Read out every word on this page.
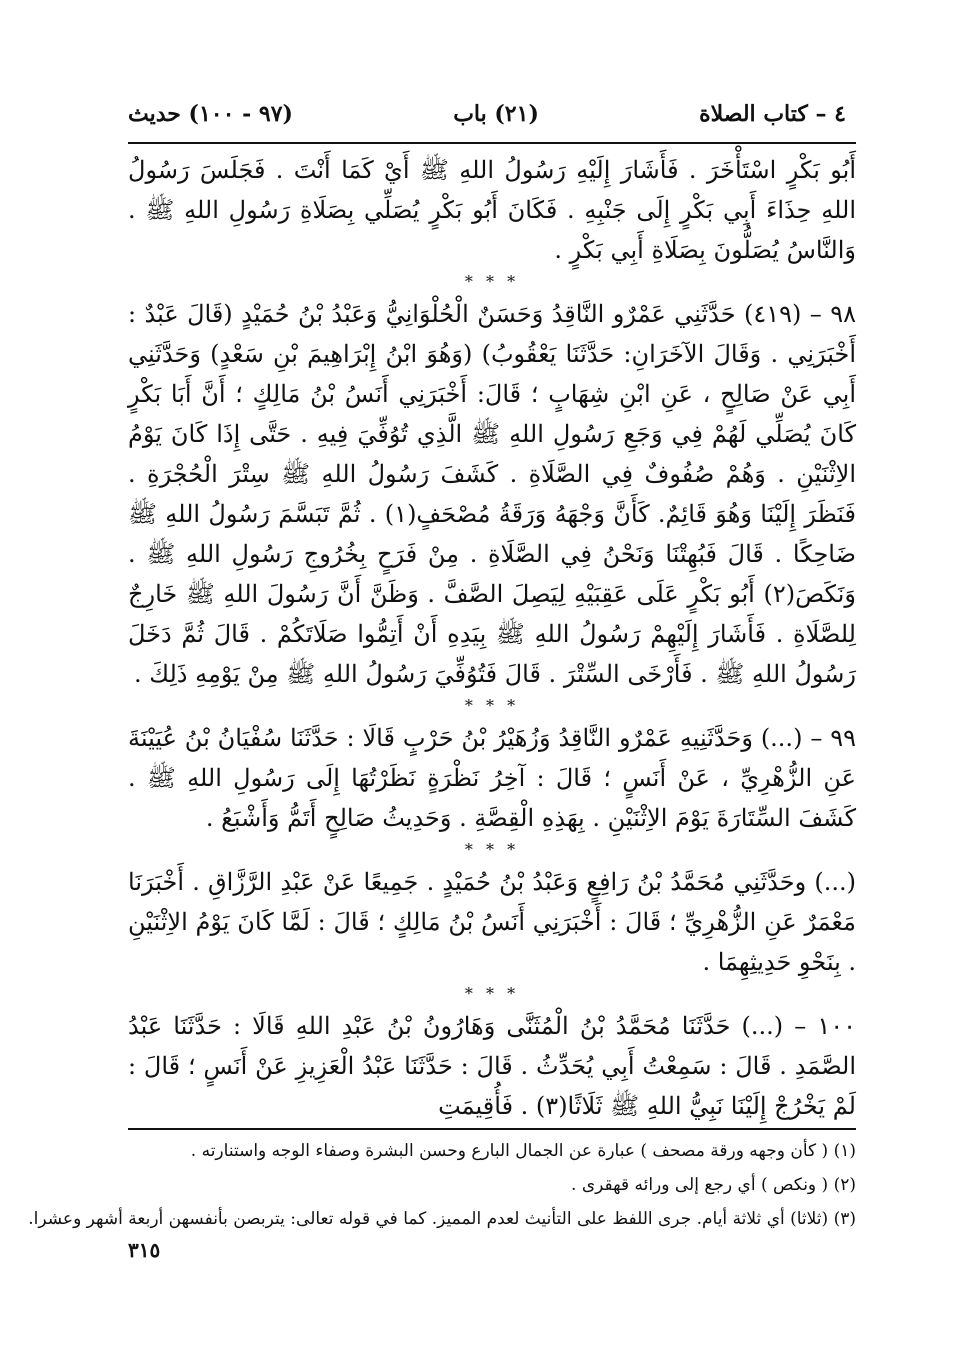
٤ – كتاب الصلاة
(٢١) باب
(٩٧ - ١٠٠) حديث

أَبُو بَكْرٍ اسْتَأْخَرَ . فَأَشَارَ إِلَيْهِ رَسُولُ اللهِ ﷺ أَيْ كَمَا أَنْتَ . فَجَلَسَ رَسُولُ اللهِ حِذَاءَ أَبِي بَكْرٍ إِلَى جَنْبِهِ . فَكَانَ أَبُو بَكْرٍ يُصَلِّي بِصَلَاةِ رَسُولِ اللهِ ﷺ . وَالنَّاسُ يُصَلُّونَ بِصَلَاةِ أَبِي بَكْرٍ .

* * *

٩٨ – (٤١٩) حَدَّثَنِي عَمْرٌو النَّاقِدُ وَحَسَنٌ الْحُلْوَانِيُّ وَعَبْدُ بْنُ حُمَيْدٍ (قَالَ عَبْدٌ : أَخْبَرَنِي . وَقَالَ الآخَرَانِ: حَدَّثَنَا يَعْقُوبُ) (وَهُوَ ابْنُ إِبْرَاهِيمَ بْنِ سَعْدٍ) وَحَدَّثَنِي أَبِي عَنْ صَالِحٍ ، عَنِ ابْنِ شِهَابٍ ؛ قَالَ: أَخْبَرَنِي أَنَسُ بْنُ مَالِكٍ ؛ أَنَّ أَبَا بَكْرٍ كَانَ يُصَلِّي لَهُمْ فِي وَجَعِ رَسُولِ اللهِ ﷺ الَّذِي تُوُفِّيَ فِيهِ . حَتَّى إِذَا كَانَ يَوْمُ الاِثْنَيْنِ . وَهُمْ صُفُوفٌ فِي الصَّلَاةِ . كَشَفَ رَسُولُ اللهِ ﷺ سِتْرَ الْحُجْرَةِ . فَنَظَرَ إِلَيْنَا وَهُوَ قَائِمٌ. كَأَنَّ وَجْهَهُ وَرَقَةُ مُصْحَفٍ(١) . ثُمَّ تَبَسَّمَ رَسُولُ اللهِ ﷺ ضَاحِكًا . قَالَ فَبُهِتْنَا وَنَحْنُ فِي الصَّلَاةِ . مِنْ فَرَحٍ بِخُرُوجِ رَسُولِ اللهِ ﷺ . وَنَكَصَ(٢) أَبُو بَكْرٍ عَلَى عَقِبَيْهِ لِيَصِلَ الصَّفَّ . وَظَنَّ أَنَّ رَسُولَ اللهِ ﷺ خَارِجٌ لِلصَّلَاةِ . فَأَشَارَ إِلَيْهِمْ رَسُولُ اللهِ ﷺ بِيَدِهِ أَنْ أَتِمُّوا صَلَاتَكُمْ . قَالَ ثُمَّ دَخَلَ رَسُولُ اللهِ ﷺ . فَأَرْخَى السِّتْرَ . قَالَ فَتُوُفِّيَ رَسُولُ اللهِ ﷺ مِنْ يَوْمِهِ ذَلِكَ .

* * *

٩٩ – (...) وَحَدَّثَنِيهِ عَمْرٌو النَّاقِدُ وَزُهَيْرُ بْنُ حَرْبٍ قَالَا : حَدَّثَنَا سُفْيَانُ بْنُ عُيَيْنَةَ عَنِ الزُّهْرِيِّ ، عَنْ أَنَسٍ ؛ قَالَ : آخِرُ نَظْرَةٍ نَظَرْتُهَا إِلَى رَسُولِ اللهِ ﷺ . كَشَفَ السِّتَارَةَ يَوْمَ الاِثْنَيْنِ . بِهَذِهِ الْقِصَّةِ . وَحَدِيثُ صَالِحٍ أَتَمُّ وَأَشْبَعُ .

* * *

(...) وحَدَّثَنِي مُحَمَّدُ بْنُ رَافِعٍ وَعَبْدُ بْنُ حُمَيْدٍ . جَمِيعًا عَنْ عَبْدِ الرَّزَّاقِ . أَخْبَرَنَا مَعْمَرٌ عَنِ الزُّهْرِيِّ ؛ قَالَ : أَخْبَرَنِي أَنَسُ بْنُ مَالِكٍ ؛ قَالَ : لَمَّا كَانَ يَوْمُ الاِثْنَيْنِ . بِنَحْوِ حَدِيثِهِمَا .

* * *

١٠٠ – (...) حَدَّثَنَا مُحَمَّدُ بْنُ الْمُثَنَّى وَهَارُونُ بْنُ عَبْدِ اللهِ قَالَا : حَدَّثَنَا عَبْدُ الصَّمَدِ . قَالَ : سَمِعْتُ أَبِي يُحَدِّثُ . قَالَ : حَدَّثَنَا عَبْدُ الْعَزِيزِ عَنْ أَنَسٍ ؛ قَالَ : لَمْ يَخْرُجْ إِلَيْنَا نَبِيُّ اللهِ ﷺ ثَلَاثًا(٣) . فَأُقِيمَتِ

(١) ( كأن وجهه ورقة مصحف ) عبارة عن الجمال البارع وحسن البشرة وصفاء الوجه واستنارته .

(٢) ( ونكص ) أي رجع إلى ورائه قهقرى .

(٣) (ثلاثا) أي ثلاثة أيام. جرى اللفظ على التأنيث لعدم المميز. كما في قوله تعالى: يتربصن بأنفسهن أربعة أشهر وعشرا.

٣١٥
